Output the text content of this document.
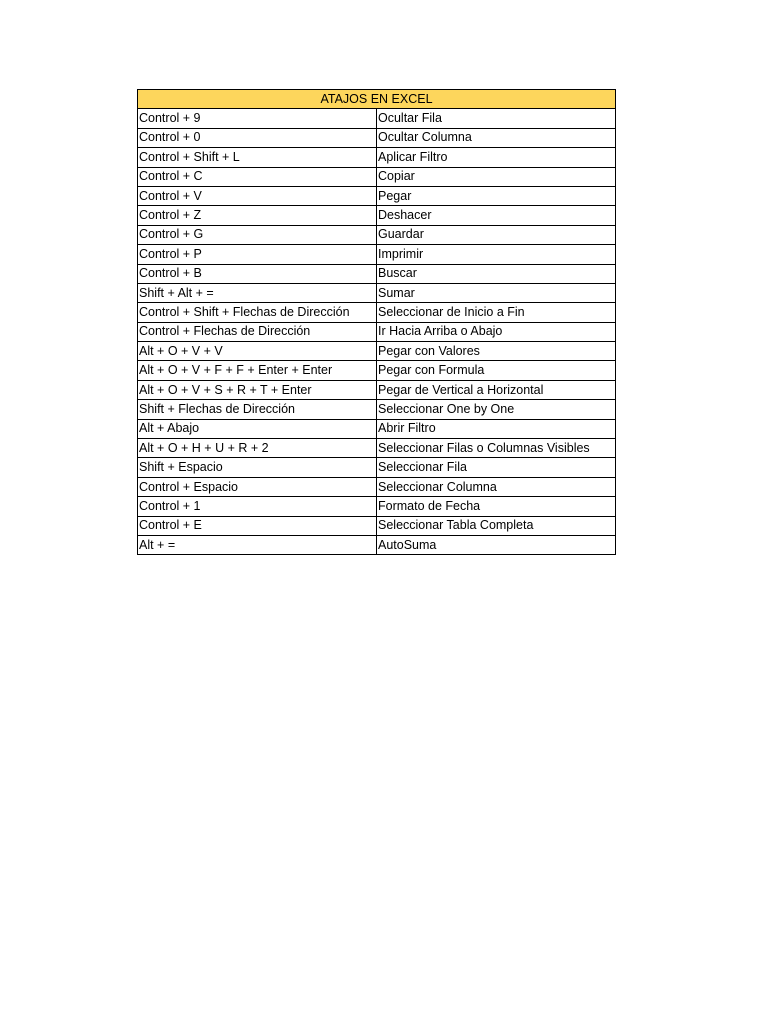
ATAJOS EN EXCEL	
Control + 9	Ocultar Fila
Control + 0	Ocultar Columna
Control + Shift + L	Aplicar Filtro
Control + C	Copiar
Control + V	Pegar
Control + Z	Deshacer
Control + G	Guardar
Control + P	Imprimir
Control + B	Buscar
Shift + Alt + =	Sumar
Control + Shift + Flechas de Dirección	Seleccionar de Inicio a Fin
Control + Flechas de Dirección	Ir Hacia Arriba o Abajo
Alt + O + V + V	Pegar con Valores
Alt + O + V + F + F + Enter + Enter	Pegar con Formula
Alt + O + V + S + R + T + Enter	Pegar de Vertical a Horizontal
Shift + Flechas de Dirección	Seleccionar One by One
Alt + Abajo	Abrir Filtro
Alt + O + H + U + R + 2	Seleccionar Filas o Columnas Visibles
Shift + Espacio	Seleccionar Fila
Control + Espacio	Seleccionar Columna
Control + 1	Formato de Fecha
Control + E	Seleccionar Tabla Completa
Alt + =	AutoSuma
